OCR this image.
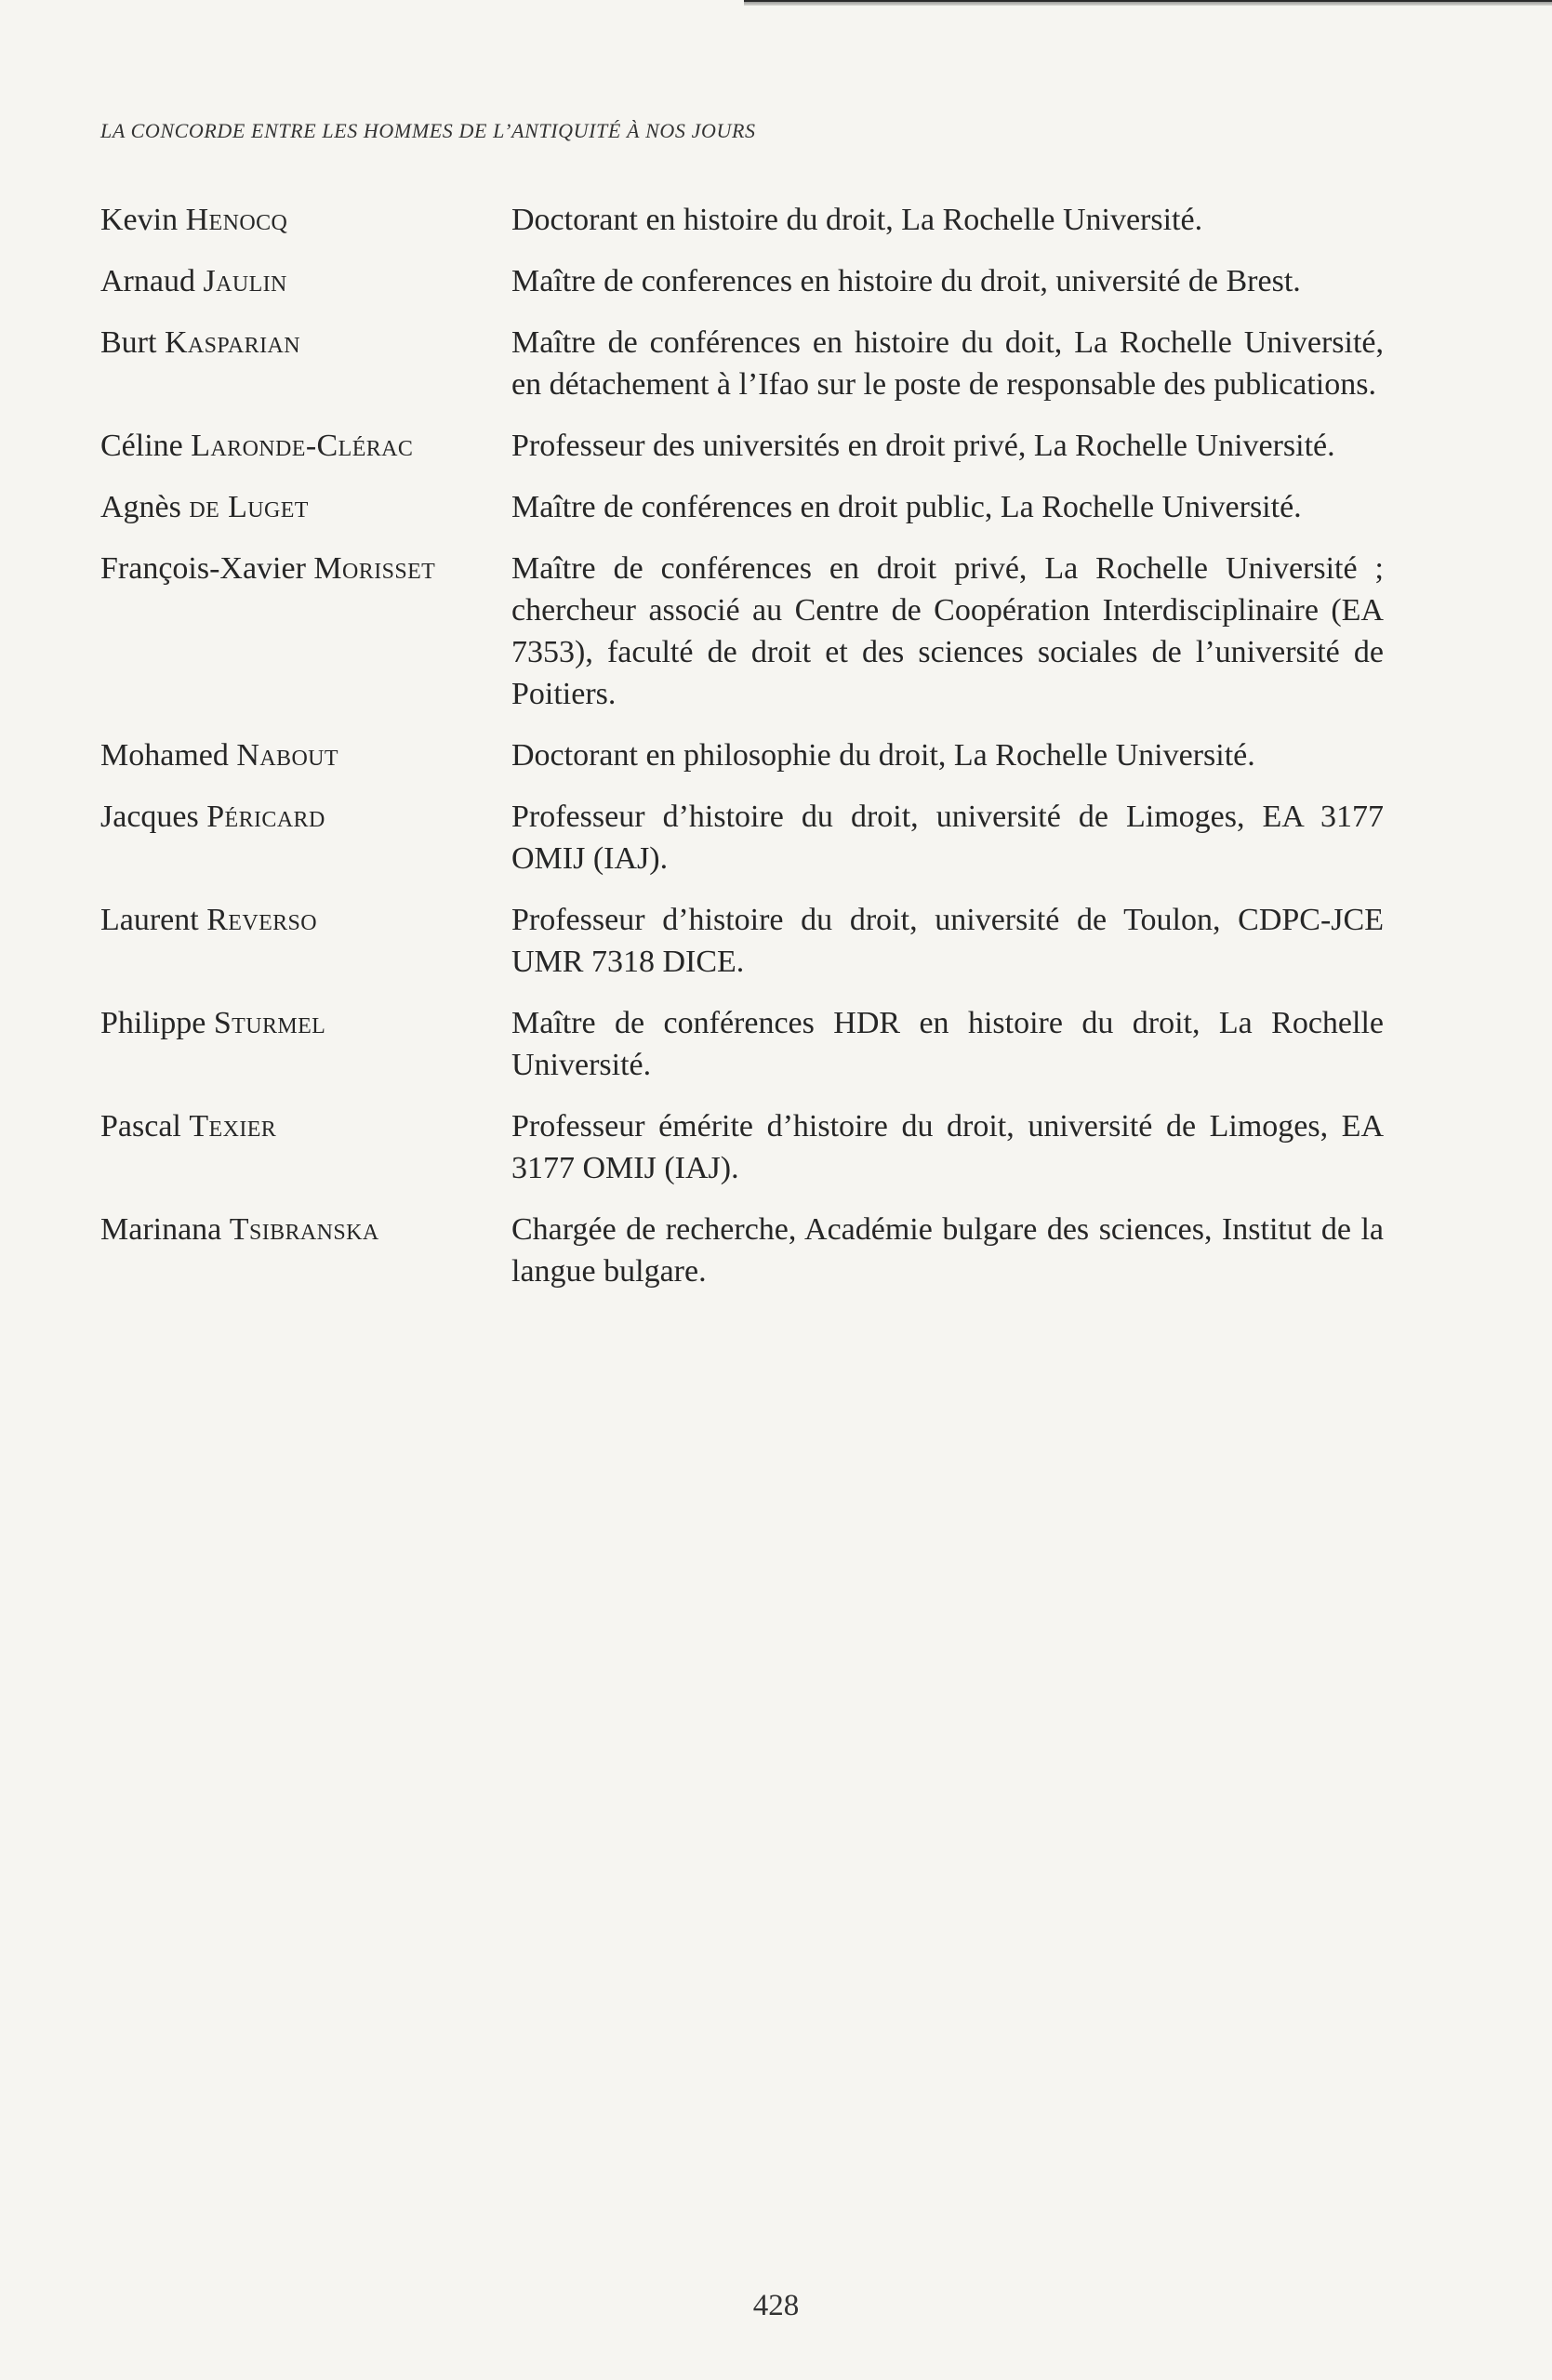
LA CONCORDE ENTRE LES HOMMES DE L’ANTIQUITÉ À NOS JOURS
Kevin Henocq	Doctorant en histoire du droit, La Rochelle Université.
Arnaud Jaulin	Maître de conferences en histoire du droit, université de Brest.
Burt Kasparian	Maître de conférences en histoire du doit, La Rochelle Université, en détachement à l’Ifao sur le poste de responsable des publications.
Céline Laronde-Clérac	Professeur des universités en droit privé, La Rochelle Université.
Agnès de Luget	Maître de conférences en droit public, La Rochelle Université.
François-Xavier Morisset	Maître de conférences en droit privé, La Rochelle Université ; chercheur associé au Centre de Coopération Interdisciplinaire (EA 7353), faculté de droit et des sciences sociales de l’université de Poitiers.
Mohamed Nabout	Doctorant en philosophie du droit, La Rochelle Université.
Jacques Péricard	Professeur d’histoire du droit, université de Limoges, EA 3177 OMIJ (IAJ).
Laurent Reverso	Professeur d’histoire du droit, université de Toulon, CDPC-JCE UMR 7318 DICE.
Philippe Sturmel	Maître de conférences HDR en histoire du droit, La Rochelle Université.
Pascal Texier	Professeur émérite d’histoire du droit, université de Limoges, EA 3177 OMIJ (IAJ).
Marinana Tsibranska	Chargée de recherche, Académie bulgare des sciences, Institut de la langue bulgare.
428
